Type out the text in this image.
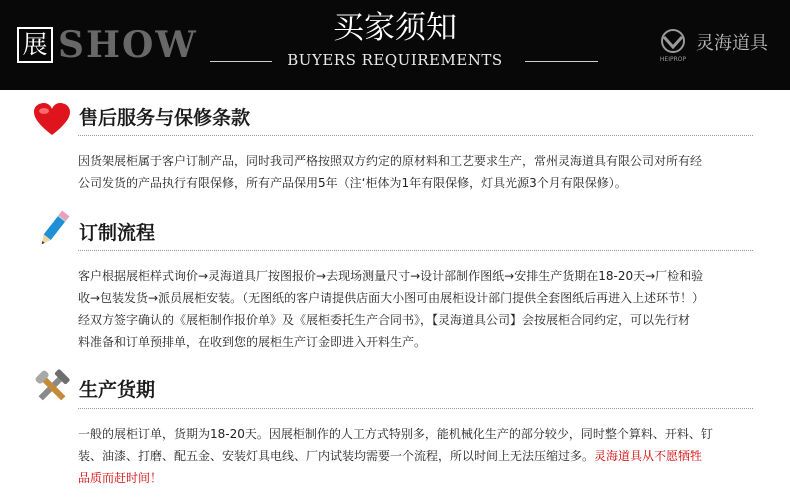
展 SHOW	买家须知
BUYERS REQUIREMENTS	HEIPROP
灵海道具
售后服务与保修条款

因货架展柜属于客户订制产品，同时我司严格按照双方约定的原材料和工艺要求生产，常州灵海道具有限公司对所有经

公司发货的产品执行有限保修，所有产品保用5年（注‘柜体为1年有限保修，灯具光源3个月有限保修）。

订制流程

客户根据展柜样式询价→灵海道具厂按图报价→去现场测量尺寸→设计部制作图纸→安排生产货期在18-20天→厂检和验

收→包装发货→派员展柜安装。（无图纸的客户请提供店面大小图可由展柜设计部门提供全套图纸后再进入上述环节！）

经双方签字确认的《展柜制作报价单》及《展柜委托生产合同书》，【灵海道具公司】会按展柜合同约定，可以先行材

料准备和订单预排单，在收到您的展柜生产订金即进入开料生产。

生产货期

一般的展柜订单，货期为18-20天。因展柜制作的人工方式特别多，能机械化生产的部分较少，同时整个算料、开料、钉

装、油漆、打磨、配五金、安装灯具电线、厂内试装均需要一个流程，所以时间上无法压缩过多。灵海道具从不愿牺牲

品质而赶时间！
